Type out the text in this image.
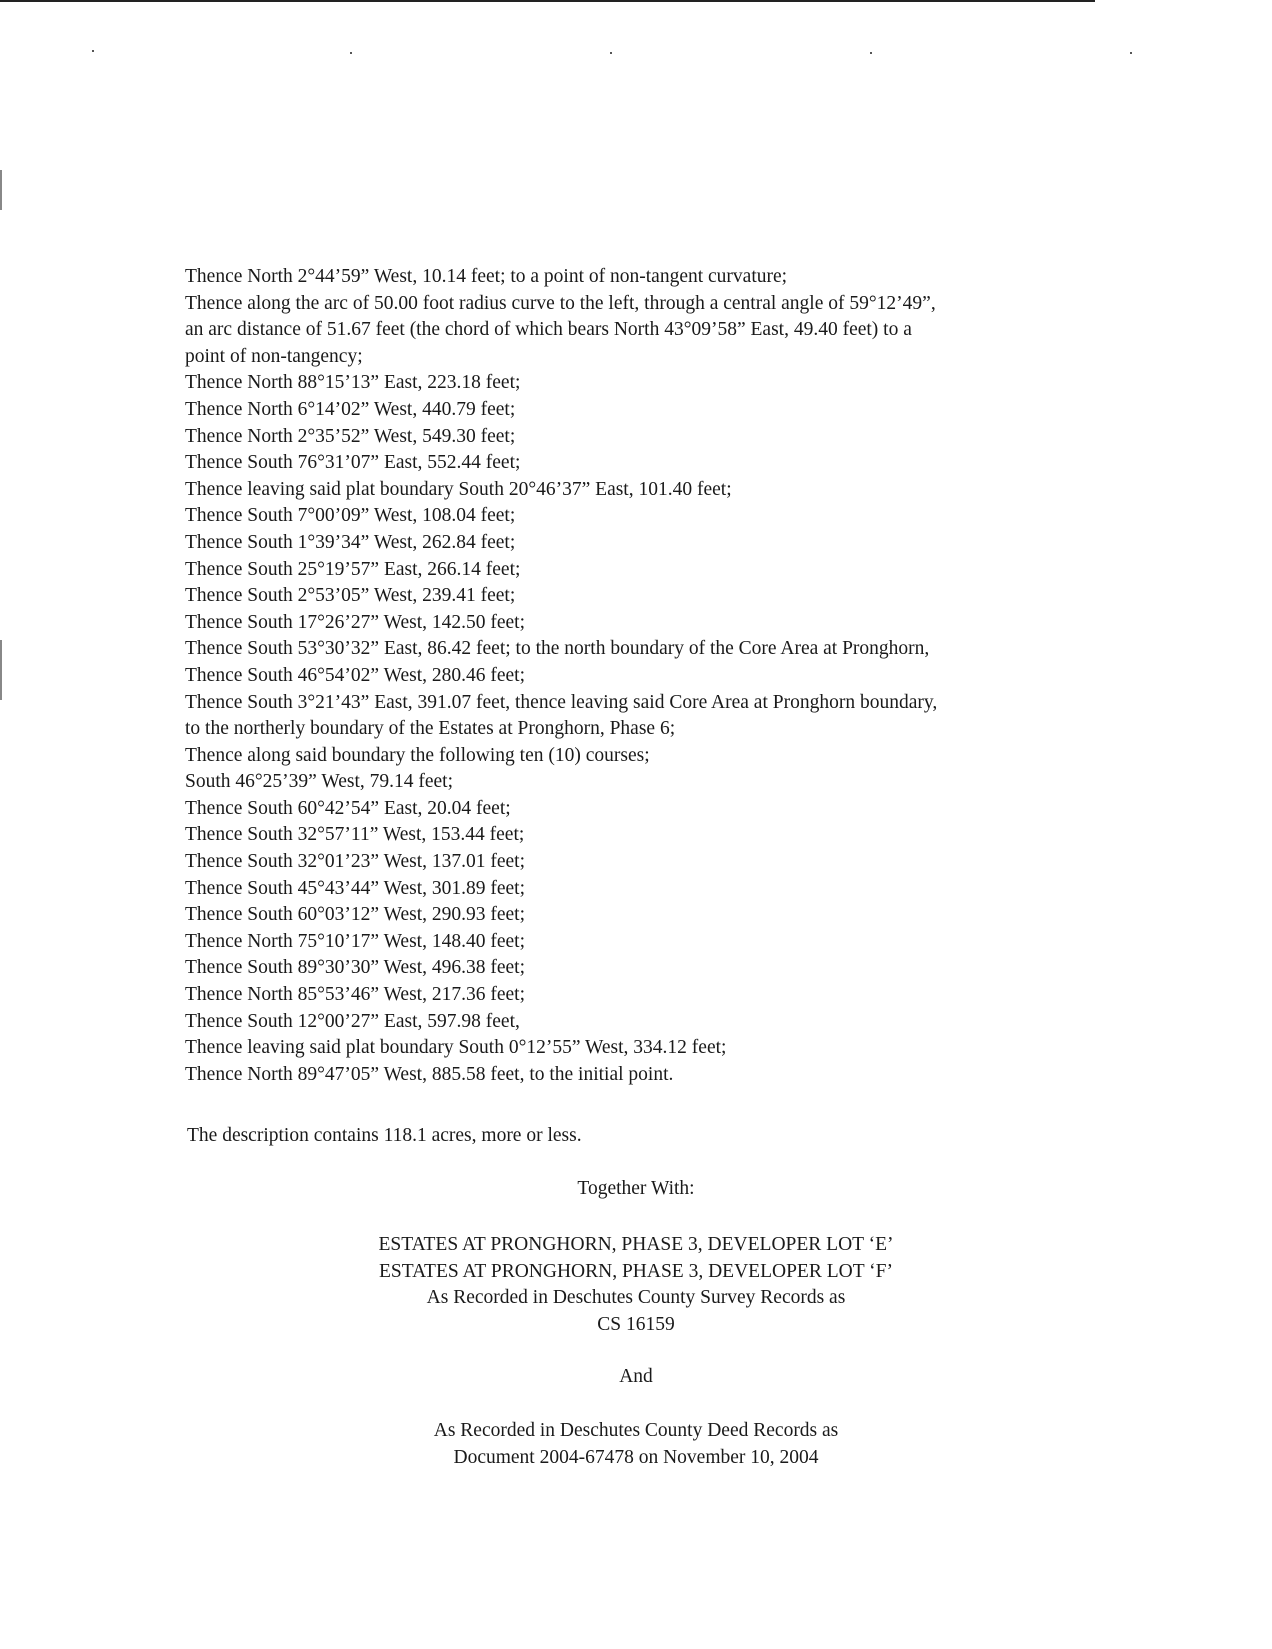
Thence North 2°44’59” West, 10.14 feet; to a point of non-tangent curvature;
Thence along the arc of 50.00 foot radius curve to the left, through a central angle of 59°12’49”,
an arc distance of 51.67 feet (the chord of which bears North 43°09’58” East, 49.40 feet) to a
point of non-tangency;
Thence North 88°15’13” East, 223.18 feet;
Thence North 6°14’02” West, 440.79 feet;
Thence North 2°35’52” West, 549.30 feet;
Thence South 76°31’07” East, 552.44 feet;
Thence leaving said plat boundary South 20°46’37” East, 101.40 feet;
Thence South 7°00’09” West, 108.04 feet;
Thence South 1°39’34” West, 262.84 feet;
Thence South 25°19’57” East, 266.14 feet;
Thence South 2°53’05” West, 239.41 feet;
Thence South 17°26’27” West, 142.50 feet;
Thence South 53°30’32” East, 86.42 feet; to the north boundary of the Core Area at Pronghorn,
Thence South 46°54’02” West, 280.46 feet;
Thence South 3°21’43” East, 391.07 feet, thence leaving said Core Area at Pronghorn boundary,
to the northerly boundary of the Estates at Pronghorn, Phase 6;
Thence along said boundary the following ten (10) courses;
South 46°25’39” West, 79.14 feet;
Thence South 60°42’54” East, 20.04 feet;
Thence South 32°57’11” West, 153.44 feet;
Thence South 32°01’23” West, 137.01 feet;
Thence South 45°43’44” West, 301.89 feet;
Thence South 60°03’12” West, 290.93 feet;
Thence North 75°10’17” West, 148.40 feet;
Thence South 89°30’30” West, 496.38 feet;
Thence North 85°53’46” West, 217.36 feet;
Thence South 12°00’27” East, 597.98 feet,
Thence leaving said plat boundary South 0°12’55” West, 334.12 feet;
Thence North 89°47’05” West, 885.58 feet, to the initial point.
The description contains 118.1 acres, more or less.
Together With:
ESTATES AT PRONGHORN, PHASE 3, DEVELOPER LOT ‘E’
ESTATES AT PRONGHORN, PHASE 3, DEVELOPER LOT ‘F’
As Recorded in Deschutes County Survey Records as
CS 16159
And
As Recorded in Deschutes County Deed Records as
Document 2004-67478 on November 10, 2004
